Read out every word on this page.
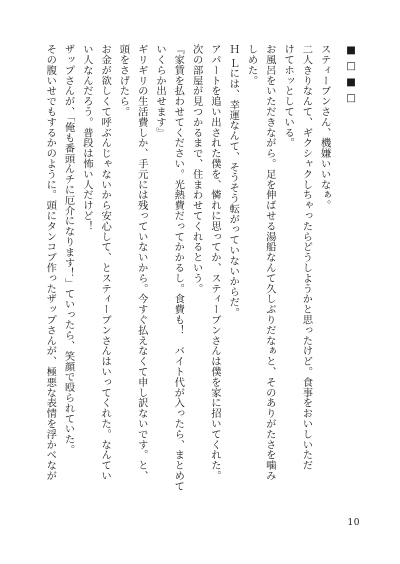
■□■□
スティーブンさん、機嫌いいなぁ。
二人きりなんて、ギクシャクしちゃったらどうしようかと思ったけど。食事をおいしいただ
けてホッとしている。
お風呂をいただきながら。足を伸ばせる湯船なんて久しぶりだなぁと、そのありがたさを噛み
しめた。
Ｈ Ｌには、幸運なんて、そうそう転がっていないからだ。
アパートを追い出された僕を、憐れに思ってか、スティーブンさんは僕を家に招いてくれた。
次の部屋が見つかるまで、住まわせてくれるという。
『家賃を払わせてください。光熱費だってかかるし。食費も！　バイト代が入ったら、まとめて
いくらか出せます』
ギリギリの生活費しか、手元には残っていないから。今すぐ払えなくて申し訳ないです。と、
頭をさげたら。
お金が欲しくて呼ぶんじゃないから安心して、とスティーブンさんはいってくれた。なんてい
い人なんだろう。普段は怖い人だけど！
ザップさんが、「俺も番頭んチに厄介になります！」ていったら、笑顔で殴られていた。
その腹いせでもするかのように。頭にタンコブ作ったザップさんが、極悪な表情を浮かべなが
10
